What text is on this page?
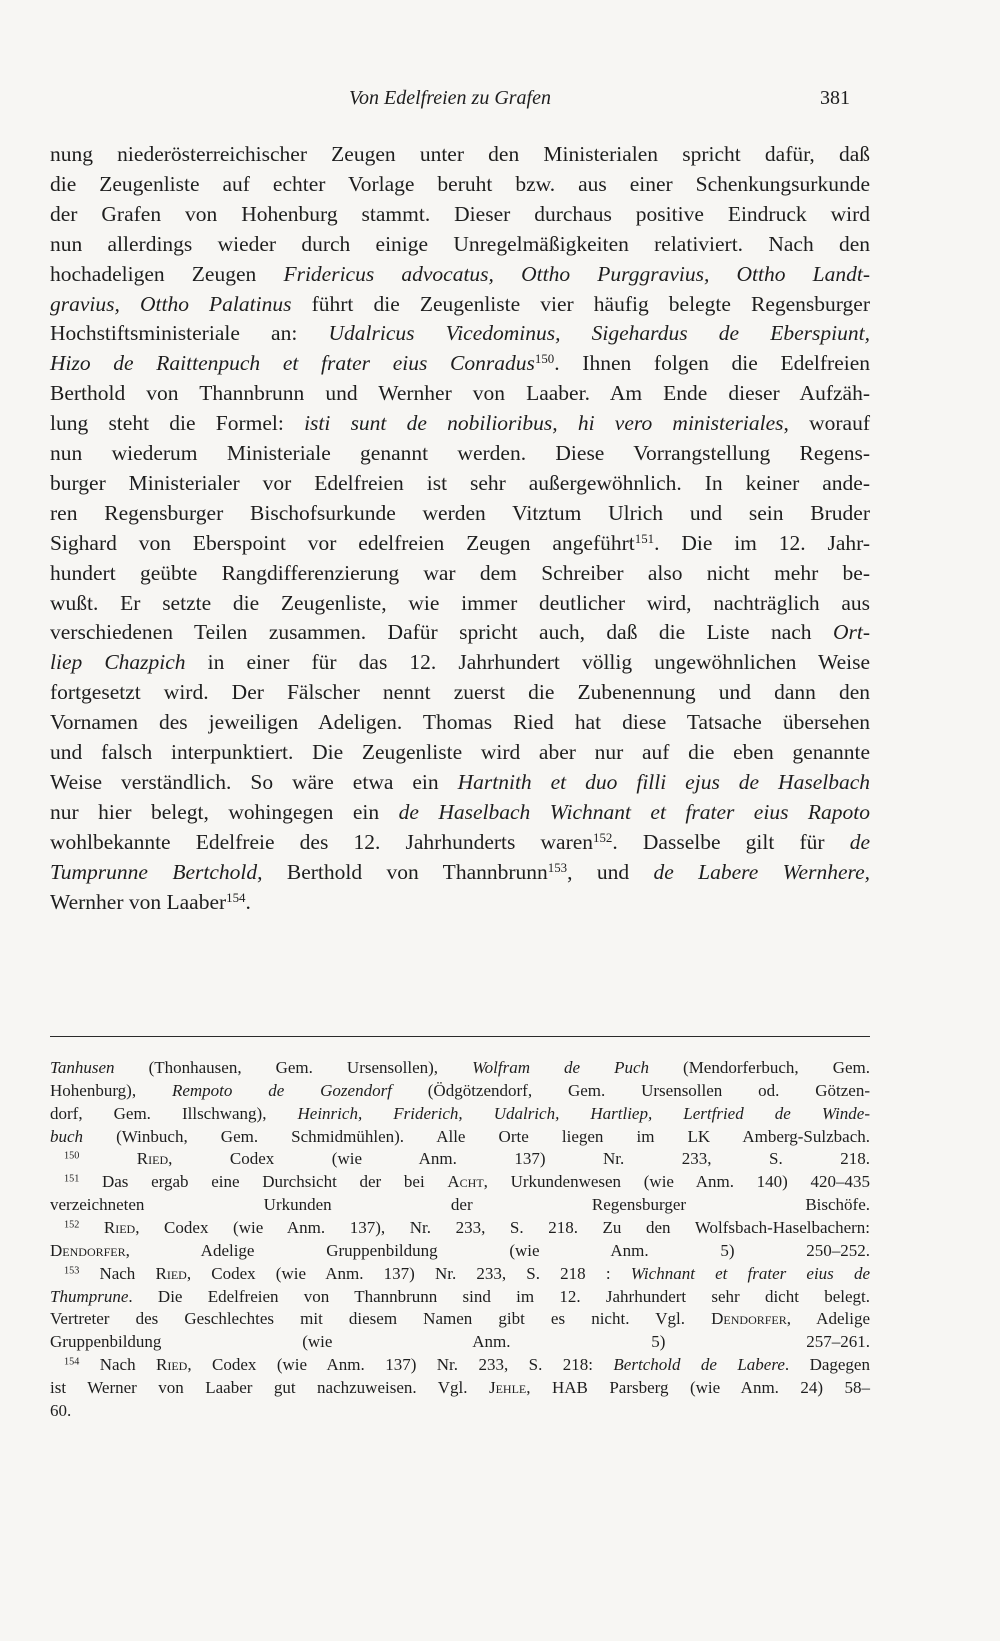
Von Edelfreien zu Grafen	381
nung niederösterreichischer Zeugen unter den Ministerialen spricht dafür, daß
die Zeugenliste auf echter Vorlage beruht bzw. aus einer Schenkungsurkunde
der Grafen von Hohenburg stammt. Dieser durchaus positive Eindruck wird
nun allerdings wieder durch einige Unregelmäßigkeiten relativiert. Nach den
hochadeligen Zeugen Fridericus advocatus, Ottho Purggravius, Ottho Landt-
gravius, Ottho Palatinus führt die Zeugenliste vier häufig belegte Regensburger
Hochstiftsministeriale an: Udalricus Vicedominus, Sigehardus de Eberspiunt,
Hizo de Raittenpuch et frater eius Conradus$^{150}$. Ihnen folgen die Edelfreien
Berthold von Thannbrunn und Wernher von Laaber. Am Ende dieser Aufzäh-
lung steht die Formel: isti sunt de nobilioribus, hi vero ministeriales, worauf
nun wiederum Ministeriale genannt werden. Diese Vorrangstellung Regens-
burger Ministerialer vor Edelfreien ist sehr außergewöhnlich. In keiner ande-
ren Regensburger Bischofsurkunde werden Vitztum Ulrich und sein Bruder
Sighard von Eberspoint vor edelfreien Zeugen angeführt$^{151}$. Die im 12. Jahr-
hundert geübte Rangdifferenzierung war dem Schreiber also nicht mehr be-
wußt. Er setzte die Zeugenliste, wie immer deutlicher wird, nachträglich aus
verschiedenen Teilen zusammen. Dafür spricht auch, daß die Liste nach Ort-
liep Chazpich in einer für das 12. Jahrhundert völlig ungewöhnlichen Weise
fortgesetzt wird. Der Fälscher nennt zuerst die Zubenennung und dann den
Vornamen des jeweiligen Adeligen. Thomas Ried hat diese Tatsache übersehen
und falsch interpunktiert. Die Zeugenliste wird aber nur auf die eben genannte
Weise verständlich. So wäre etwa ein Hartnith et duo filli ejus de Haselbach
nur hier belegt, wohingegen ein de Haselbach Wichnant et frater eius Rapoto
wohlbekannte Edelfreie des 12. Jahrhunderts waren$^{152}$. Dasselbe gilt für de
Tumprunne Bertchold, Berthold von Thannbrunn$^{153}$, und de Labere Wernhere,
Wernher von Laaber$^{154}$.
Tanhusen (Thonhausen, Gem. Ursensollen), Wolfram de Puch (Mendorferbuch, Gem.
Hohenburg), Rempoto de Gozendorf (Ödgötzendorf, Gem. Ursensollen od. Götzen-
dorf, Gem. Illschwang), Heinrich, Friderich, Udalrich, Hartliep, Lertfried de Winde-
buch (Winbuch, Gem. Schmidmühlen). Alle Orte liegen im LK Amberg-Sulzbach.
$^{150}$	Ried, Codex (wie Anm. 137) Nr. 233, S. 218.
$^{151}$ Das ergab eine Durchsicht der bei Acht, Urkundenwesen (wie Anm. 140) 420–435
verzeichneten Urkunden der Regensburger Bischöfe.
$^{152}$ Ried, Codex (wie Anm. 137), Nr. 233, S. 218. Zu den Wolfsbach-Haselbachern:
Dendorfer, Adelige Gruppenbildung (wie Anm. 5) 250–252.
$^{153}$ Nach Ried, Codex (wie Anm. 137) Nr. 233, S. 218 : Wichnant et frater eius de
Thumprune. Die Edelfreien von Thannbrunn sind im 12. Jahrhundert sehr dicht belegt.
Vertreter des Geschlechtes mit diesem Namen gibt es nicht. Vgl. Dendorfer, Adelige
Gruppenbildung (wie Anm. 5) 257–261.
$^{154}$ Nach Ried, Codex (wie Anm. 137) Nr. 233, S. 218: Bertchold de Labere. Dagegen
ist Werner von Laaber gut nachzuweisen. Vgl. Jehle, HAB Parsberg (wie Anm. 24) 58–
60.
